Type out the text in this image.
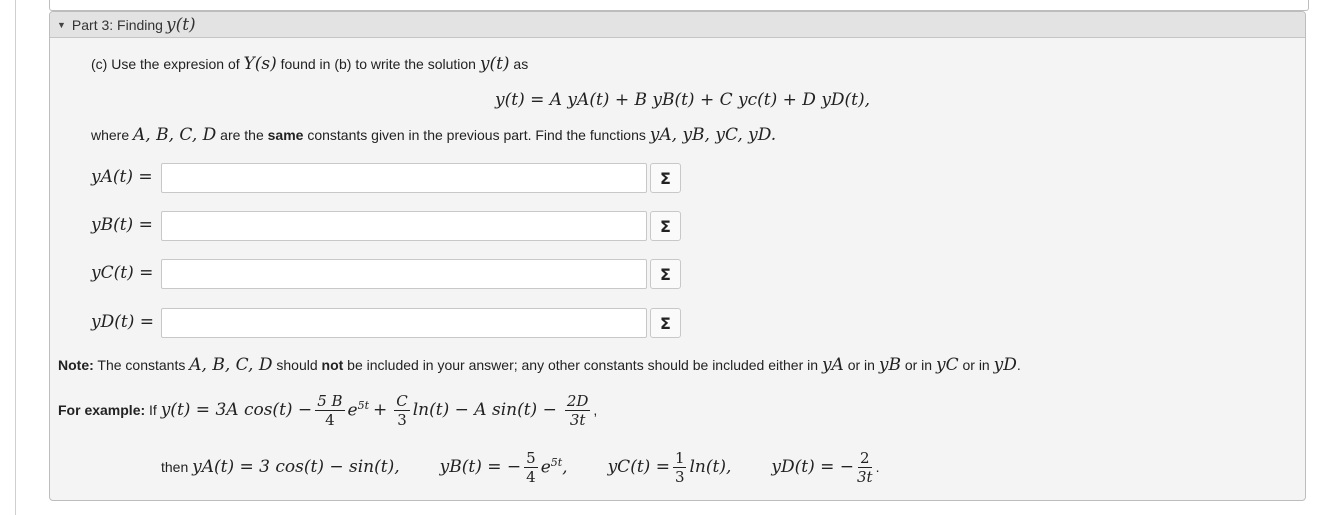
▼ Part 3: Finding y(t)
(c) Use the expresion of Y(s) found in (b) to write the solution y(t) as
y(t) = A yA(t) + B yB(t) + C yc(t) + D yD(t),
where A, B, C, D are the same constants given in the previous part. Find the functions yA, yB, yC, yD.
yA(t) =	Σ
yB(t) =	Σ
yC(t) =	Σ
yD(t) =	Σ
Note: The constants A, B, C, D should not be included in your answer; any other constants should be included either in yA or in yB or in yC or in yD.
For example: If y(t) = 3A $\cos(t) - \frac{5 B}{4} e^{5t} + \frac{C}{3} \ln(t) - A$ $\sin(t) - \frac{2D}{3t}$ ,
then yA(t) = 3 cos(t) − sin(t), yB(t) = − $\frac{5}{4} e^{5t}$, $yC(t) = \frac{1}{3} \ln(t)$, yD(t) = − $\frac{2}{3t}$ .
